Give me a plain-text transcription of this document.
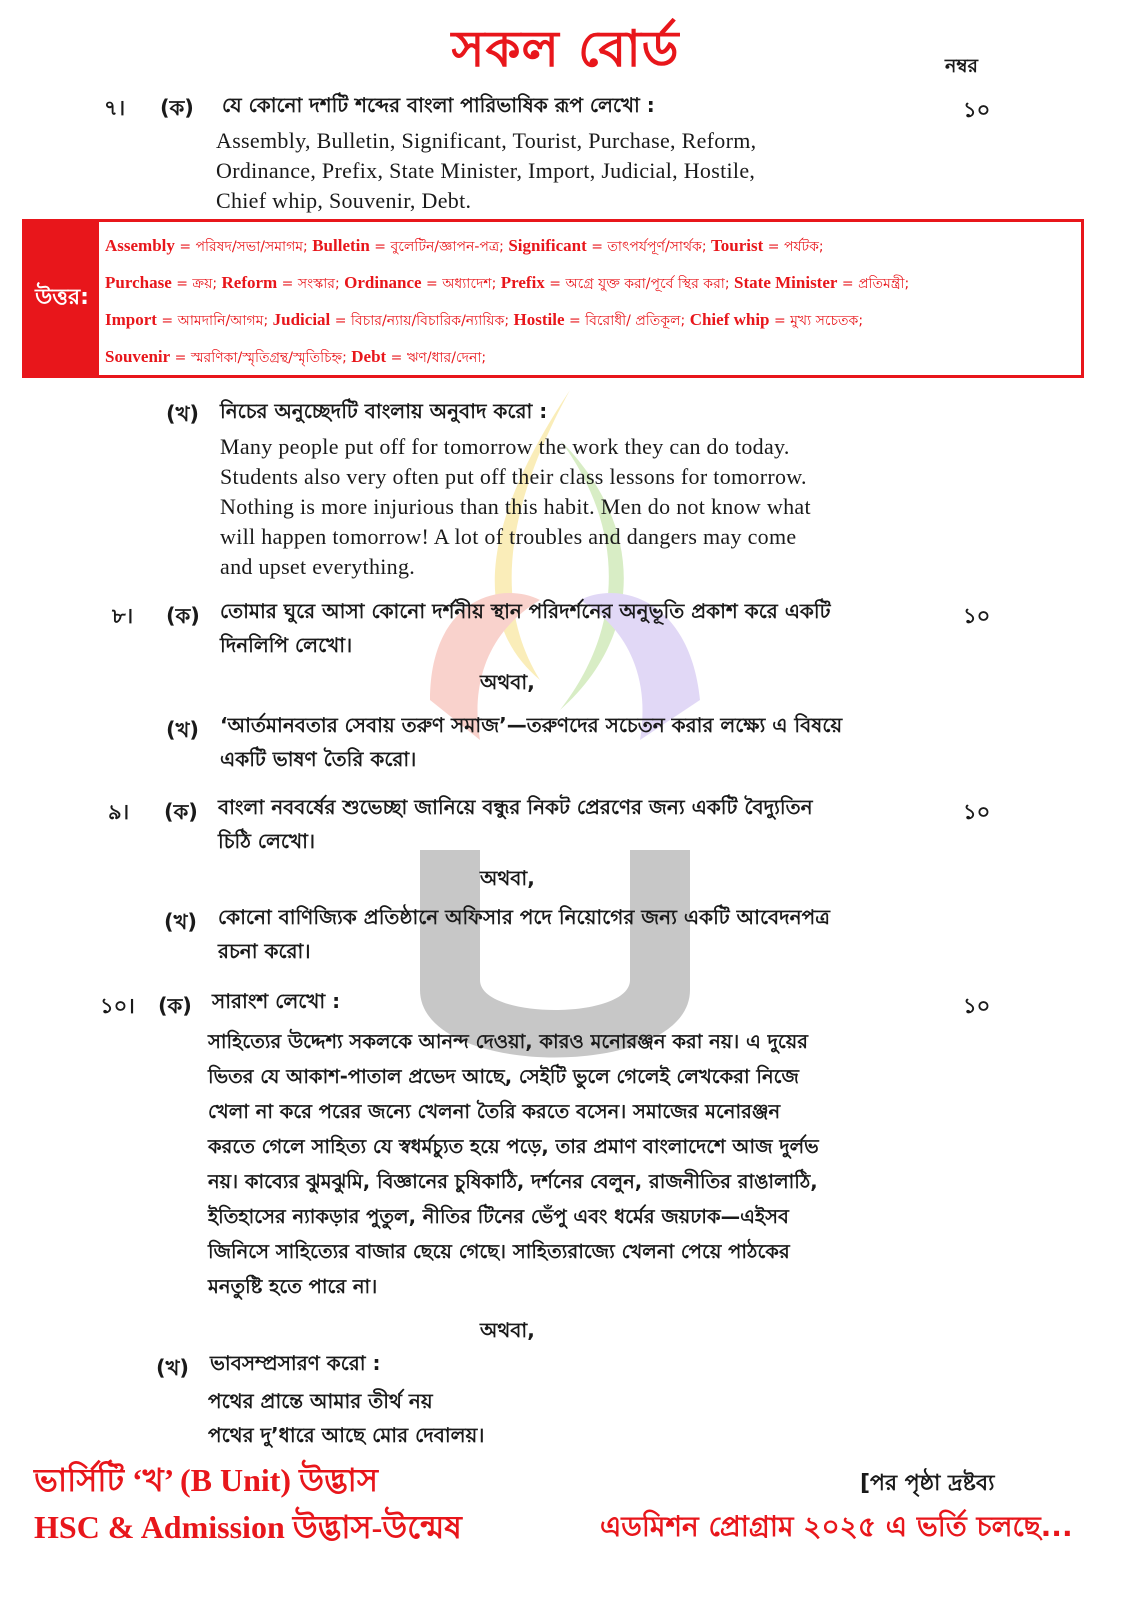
সকল বোর্ড	নম্বর
৭। (ক) যে কোনো দশটি শব্দের বাংলা পারিভাষিক রূপ লেখো :	১০
Assembly, Bulletin, Significant, Tourist, Purchase, Reform,
Ordinance, Prefix, State Minister, Import, Judicial, Hostile,
Chief whip, Souvenir, Debt.
উত্তর:
Assembly = পরিষদ/সভা/সমাগম; Bulletin = বুলেটিন/জ্ঞাপন-পত্র; Significant = তাৎপর্যপূর্ণ/সার্থক; Tourist = পর্যটক;
Purchase = ক্রয়; Reform = সংস্কার; Ordinance = অধ্যাদেশ; Prefix = অগ্রে যুক্ত করা/পূর্বে স্থির করা; State Minister = প্রতিমন্ত্রী;
Import = আমদানি/আগম; Judicial = বিচার/ন্যায়/বিচারিক/ন্যায়িক; Hostile = বিরোধী/ প্রতিকূল; Chief whip = মুখ্য সচেতক;
Souvenir = স্মরণিকা/স্মৃতিগ্রন্থ/স্মৃতিচিহ্ন; Debt = ঋণ/ধার/দেনা;
(খ) নিচের অনুচ্ছেদটি বাংলায় অনুবাদ করো :
Many people put off for tomorrow the work they can do today.
Students also very often put off their class lessons for tomorrow.
Nothing is more injurious than this habit. Men do not know what
will happen tomorrow! A lot of troubles and dangers may come
and upset everything.
৮। (ক) তোমার ঘুরে আসা কোনো দর্শনীয় স্থান পরিদর্শনের অনুভূতি প্রকাশ করে একটি
দিনলিপি লেখো।
১০
অথবা,
(খ) ‘আর্তমানবতার সেবায় তরুণ সমাজ’—তরুণদের সচেতন করার লক্ষ্যে এ বিষয়ে
একটি ভাষণ তৈরি করো।
৯। (ক) বাংলা নববর্ষের শুভেচ্ছা জানিয়ে বন্ধুর নিকট প্রেরণের জন্য একটি বৈদ্যুতিন
চিঠি লেখো।
১০
অথবা,
(খ) কোনো বাণিজ্যিক প্রতিষ্ঠানে অফিসার পদে নিয়োগের জন্য একটি আবেদনপত্র
রচনা করো।
১০। (ক) সারাংশ লেখো :	১০
সাহিত্যের উদ্দেশ্য সকলকে আনন্দ দেওয়া, কারও মনোরঞ্জন করা নয়। এ দুয়ের
ভিতর যে আকাশ-পাতাল প্রভেদ আছে, সেইটি ভুলে গেলেই লেখকেরা নিজে
খেলা না করে পরের জন্যে খেলনা তৈরি করতে বসেন। সমাজের মনোরঞ্জন
করতে গেলে সাহিত্য যে স্বধর্মচ্যুত হয়ে পড়ে, তার প্রমাণ বাংলাদেশে আজ দুর্লভ
নয়। কাব্যের ঝুমঝুমি, বিজ্ঞানের চুষিকাঠি, দর্শনের বেলুন, রাজনীতির রাঙালাঠি,
ইতিহাসের ন্যাকড়ার পুতুল, নীতির টিনের ভেঁপু এবং ধর্মের জয়ঢাক—এইসব
জিনিসে সাহিত্যের বাজার ছেয়ে গেছে। সাহিত্যরাজ্যে খেলনা পেয়ে পাঠকের
মনতুষ্টি হতে পারে না।
অথবা,
(খ) ভাবসম্প্রসারণ করো :
পথের প্রান্তে আমার তীর্থ নয়
পথের দু’ধারে আছে মোর দেবালয়।
ভার্সিটি ‘খ’ (B Unit) উদ্ভাস
HSC & Admission উদ্ভাস-উন্মেষ
[পর পৃষ্ঠা দ্রষ্টব্য
এডমিশন প্রোগ্রাম ২০২৫ এ ভর্তি চলছে...
